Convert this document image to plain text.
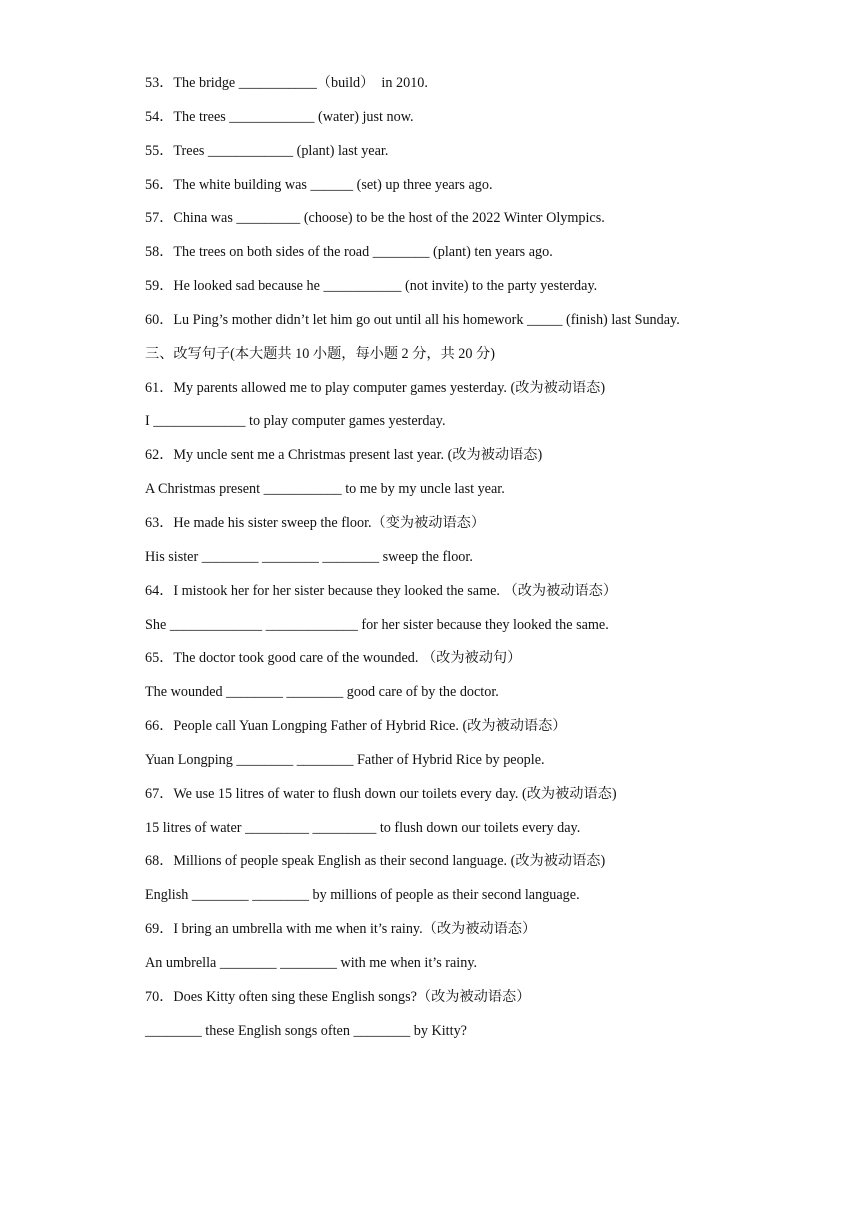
53．The bridge ___________（build）  in 2010.
54．The trees ____________ (water) just now.
55．Trees ____________ (plant) last year.
56．The white building was ______ (set) up three years ago.
57．China was _________ (choose) to be the host of the 2022 Winter Olympics.
58．The trees on both sides of the road ________ (plant) ten years ago.
59．He looked sad because he ___________ (not invite) to the party yesterday.
60．Lu Ping’s mother didn’t let him go out until all his homework _____ (finish) last Sunday.
三、改写句子(本大题共 10 小题，每小题 2 分，共 20 分)
61．My parents allowed me to play computer games yesterday. (改为被动语态)
I _____________ to play computer games yesterday.
62．My uncle sent me a Christmas present last year. (改为被动语态)
A Christmas present ___________ to me by my uncle last year.
63．He made his sister sweep the floor.（变为被动语态）
His sister ________ ________ ________ sweep the floor.
64．I mistook her for her sister because they looked the same. （改为被动语态）
She _____________ _____________ for her sister because they looked the same.
65．The doctor took good care of the wounded. （改为被动句）
The wounded ________ ________ good care of by the doctor.
66．People call Yuan Longping Father of Hybrid Rice. (改为被动语态）
Yuan Longping ________ ________ Father of Hybrid Rice by people.
67．We use 15 litres of water to flush down our toilets every day. (改为被动语态)
15 litres of water _________ _________ to flush down our toilets every day.
68．Millions of people speak English as their second language. (改为被动语态)
English ________ ________ by millions of people as their second language.
69．I bring an umbrella with me when it’s rainy.（改为被动语态）
An umbrella ________ ________ with me when it’s rainy.
70．Does Kitty often sing these English songs?（改为被动语态）
________ these English songs often ________ by Kitty?
